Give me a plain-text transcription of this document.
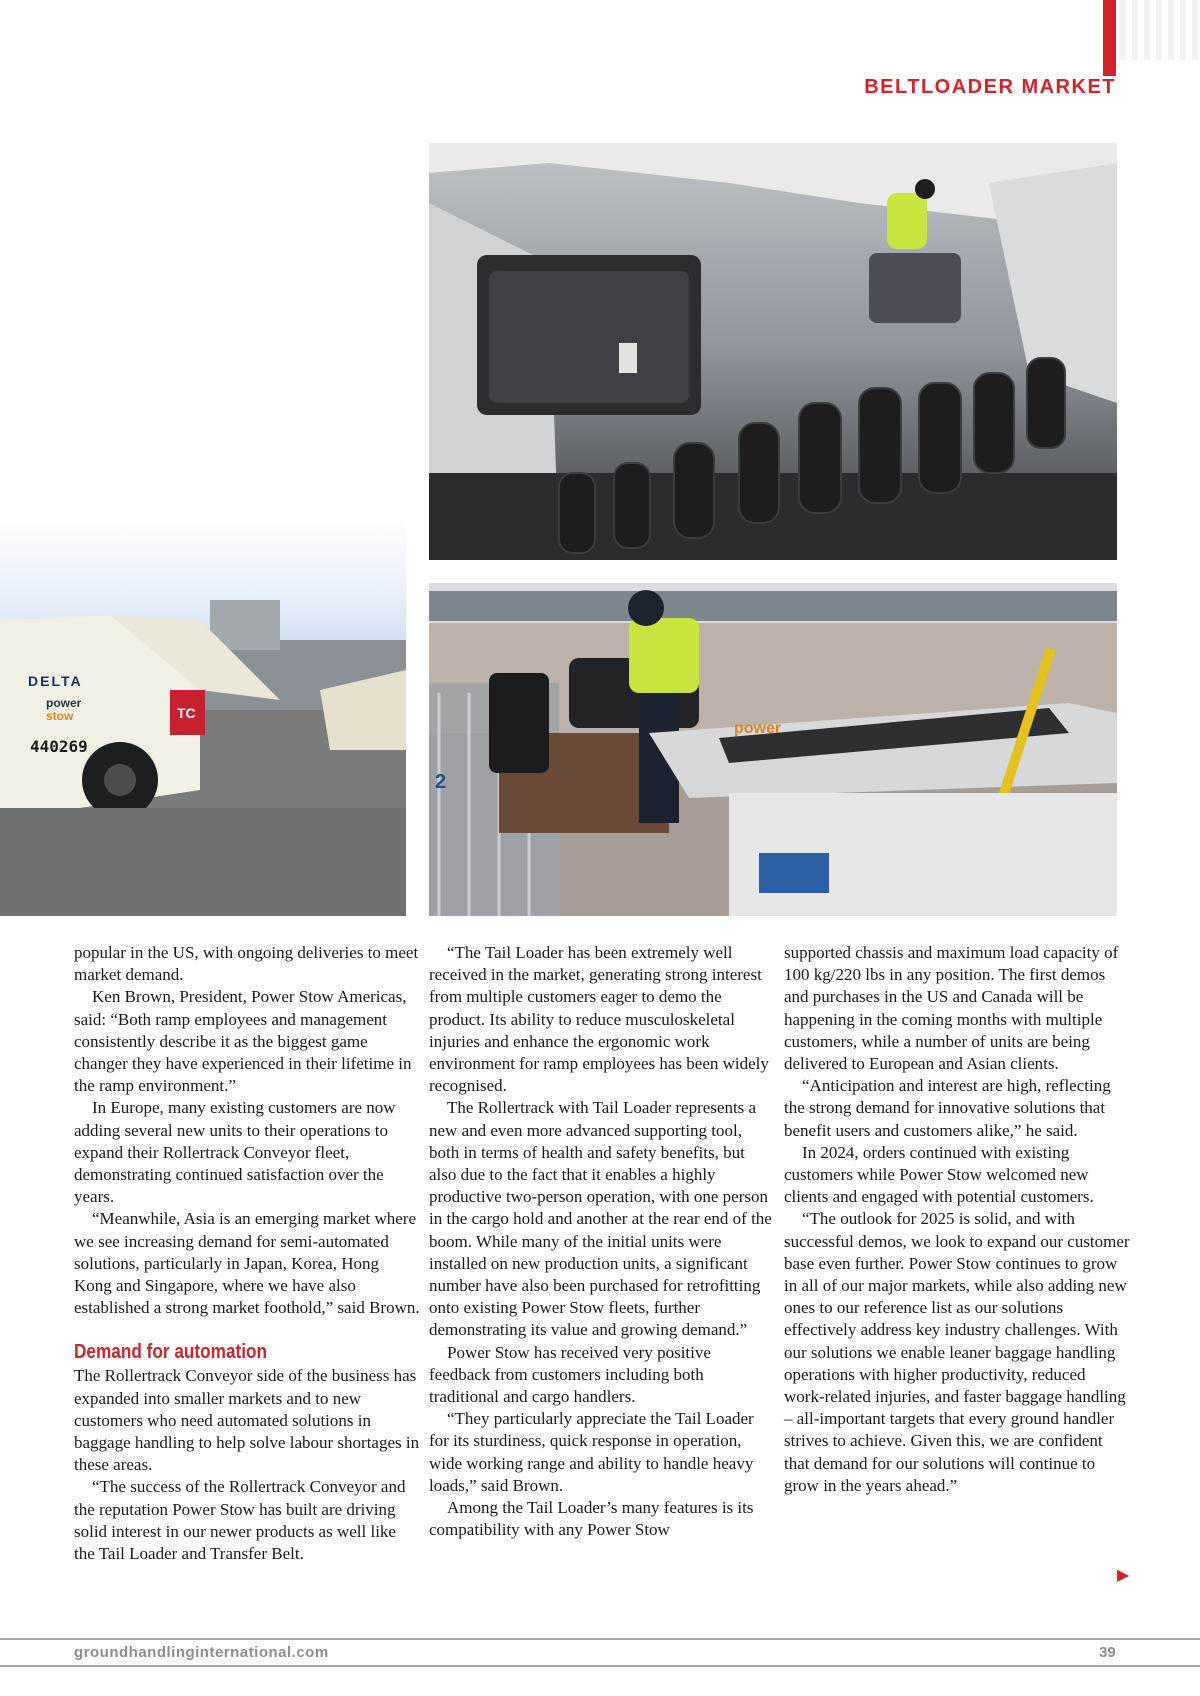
BELTLOADER MARKET
power
2
DELTA
power
stow
440269
TC

popular in the US, with ongoing deliveries to meet market demand.

Ken Brown, President, Power Stow Americas, said: “Both ramp employees and management consistently describe it as the biggest game changer they have experienced in their lifetime in the ramp environment.”

In Europe, many existing customers are now adding several new units to their operations to expand their Rollertrack Conveyor fleet, demonstrating continued satisfaction over the years.

“Meanwhile, Asia is an emerging market where we see increasing demand for semi-automated solutions, particularly in Japan, Korea, Hong Kong and Singapore, where we have also established a strong market foothold,” said Brown.

Demand for automation

The Rollertrack Conveyor side of the business has expanded into smaller markets and to new customers who need automated solutions in baggage handling to help solve labour shortages in these areas.

“The success of the Rollertrack Conveyor and the reputation Power Stow has built are driving solid interest in our newer products as well like the Tail Loader and Transfer Belt.

“The Tail Loader has been extremely well received in the market, generating strong interest from multiple customers eager to demo the product. Its ability to reduce musculoskeletal injuries and enhance the ergonomic work environment for ramp employees has been widely recognised.

The Rollertrack with Tail Loader represents a new and even more advanced supporting tool, both in terms of health and safety benefits, but also due to the fact that it enables a highly productive two-person operation, with one person in the cargo hold and another at the rear end of the boom. While many of the initial units were installed on new production units, a significant number have also been purchased for retrofitting onto existing Power Stow fleets, further demonstrating its value and growing demand.”

Power Stow has received very positive feedback from customers including both traditional and cargo handlers.

“They particularly appreciate the Tail Loader for its sturdiness, quick response in operation, wide working range and ability to handle heavy loads,” said Brown.

Among the Tail Loader’s many features is its compatibility with any Power Stow

supported chassis and maximum load capacity of 100 kg/220 lbs in any position. The first demos and purchases in the US and Canada will be happening in the coming months with multiple customers, while a number of units are being delivered to European and Asian clients.

“Anticipation and interest are high, reflecting the strong demand for innovative solutions that benefit users and customers alike,” he said.

In 2024, orders continued with existing customers while Power Stow welcomed new clients and engaged with potential customers.

“The outlook for 2025 is solid, and with successful demos, we look to expand our customer base even further. Power Stow continues to grow in all of our major markets, while also adding new ones to our reference list as our solutions effectively address key industry challenges. With our solutions we enable leaner baggage handling operations with higher productivity, reduced work-related injuries, and faster baggage handling – all-important targets that every ground handler strives to achieve. Given this, we are confident that demand for our solutions will continue to grow in the years ahead.”

▶
groundhandlinginternational.com	39
